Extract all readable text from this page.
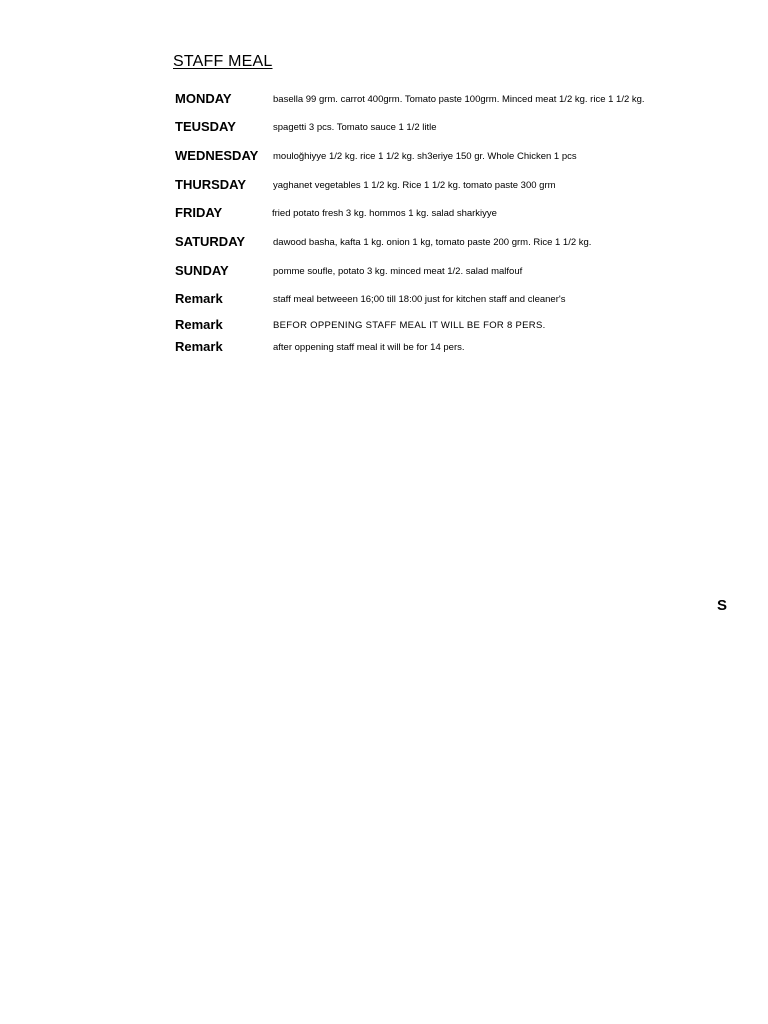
STAFF MEAL
MONDAY	basella 99 grm. carrot 400grm. Tomato paste 100grm. Minced meat 1/2 kg. rice 1 1/2 kg.
TEUSDAY	spagetti 3 pcs. Tomato sauce 1 1/2 litle
WEDNESDAY mouloğhiyye 1/2 kg. rice 1 1/2 kg. sh3eriye 150 gr. Whole Chicken 1 pcs
THURSDAY	yaghanet vegetables 1 1/2 kg. Rice 1 1/2 kg. tomato paste 300 grm
FRIDAY	fried potato fresh 3 kg. hommos 1 kg. salad sharkiyye
SATURDAY	dawood basha, kafta 1 kg. onion 1 kg, tomato paste 200 grm. Rice 1 1/2 kg.
SUNDAY	pomme soufle, potato 3 kg. minced meat 1/2. salad malfouf
Remark	staff meal betweeen 16;00 till 18:00 just for kitchen staff and cleaner's
Remark	BEFOR OPPENING STAFF MEAL IT WILL BE FOR 8 PERS.
Remark	after oppening staff meal it will be for 14 pers.
S
